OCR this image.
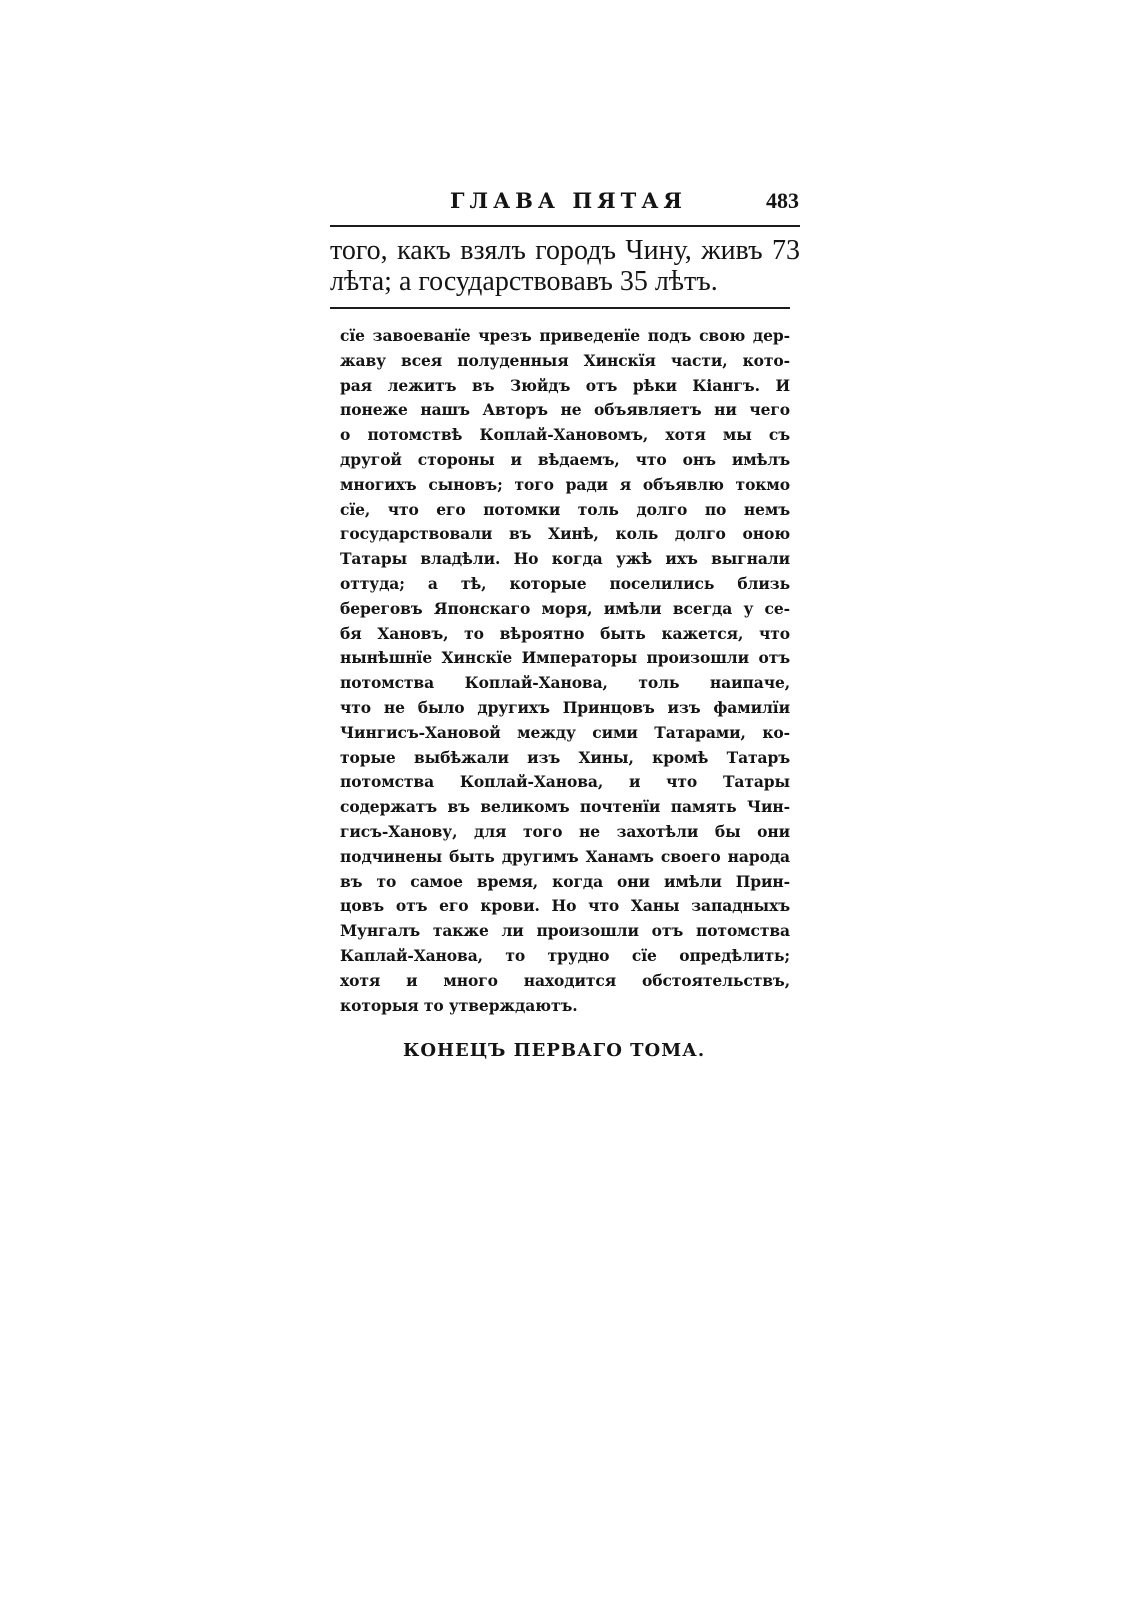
ГЛАВА ПЯТАЯ	483
того, какъ взялъ городъ Чину, живъ 73
лѣта; а государствовавъ 35 лѣтъ.
сїе завоеванїе чрезъ приведенїе подъ свою дер-
жаву всея полуденныя Хинскїя части, кото-
рая лежитъ въ Зюйдъ отъ рѣки Кіангъ. И
понеже нашъ Авторъ не объявляетъ ни чего
о потомствѣ Коплай-Хановомъ, хотя мы съ
другой стороны и вѣдаемъ, что онъ имѣлъ
многихъ сыновъ; того ради я объявлю токмо
сїе, что его потомки толь долго по немъ
государствовали въ Хинѣ, коль долго оною
Татары владѣли. Но когда ужѣ ихъ выгнали
оттуда; а тѣ, которые поселились близь
береговъ Японскаго моря, имѣли всегда у се-
бя Хановъ, то вѣроятно быть кажется, что
нынѣшнїе Хинскїе Императоры произошли отъ
потомства Коплай-Ханова, толь наипаче,
что не было другихъ Принцовъ изъ фамилїи
Чингисъ-Хановой между сими Татарами, ко-
торые выбѣжали изъ Хины, кромѣ Татаръ
потомства Коплай-Ханова, и что Татары
содержатъ въ великомъ почтенїи память Чин-
гисъ-Ханову, для того не захотѣли бы они
подчинены быть другимъ Ханамъ своего народа
въ то самое время, когда они имѣли Прин-
цовъ отъ его крови. Но что Ханы западныхъ
Мунгалъ также ли произошли отъ потомства
Каплай-Ханова, то трудно сїе опредѣлить;
хотя и много находится обстоятельствъ,
которыя то утверждаютъ.
КОНЕЦЪ ПЕРВАГО ТОМА.
